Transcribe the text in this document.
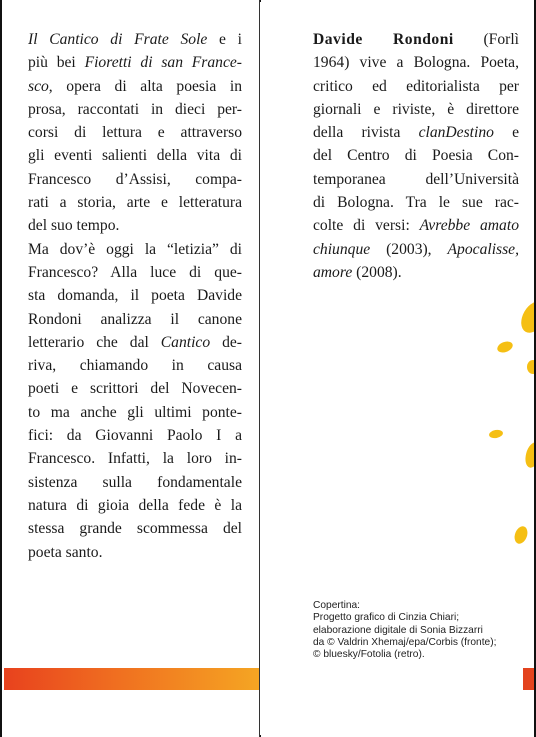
Il Cantico di Frate Sole e i
più bei Fioretti di san France-
sco, opera di alta poesia in
prosa, raccontati in dieci per-
corsi di lettura e attraverso
gli eventi salienti della vita di
Francesco d’Assisi, compa-
rati a storia, arte e letteratura
del suo tempo.
Ma dov’è oggi la “letizia” di
Francesco? Alla luce di que-
sta domanda, il poeta Davide
Rondoni analizza il canone
letterario che dal Cantico de-
riva, chiamando in causa
poeti e scrittori del Novecen-
to ma anche gli ultimi ponte-
fici: da Giovanni Paolo I a
Francesco. Infatti, la loro in-
sistenza sulla fondamentale
natura di gioia della fede è la
stessa grande scommessa del
poeta santo.
Davide Rondoni (Forlì
1964) vive a Bologna. Poeta,
critico ed editorialista per
giornali e riviste, è direttore
della rivista clanDestino e
del Centro di Poesia Con-
temporanea dell’Università
di Bologna. Tra le sue rac-
colte di versi: Avrebbe amato
chiunque (2003), Apocalisse,
amore (2008).
Copertina:
Progetto grafico di Cinzia Chiari;
elaborazione digitale di Sonia Bizzarri
da © Valdrin Xhemaj/epa/Corbis (fronte);
© bluesky/Fotolia (retro).
